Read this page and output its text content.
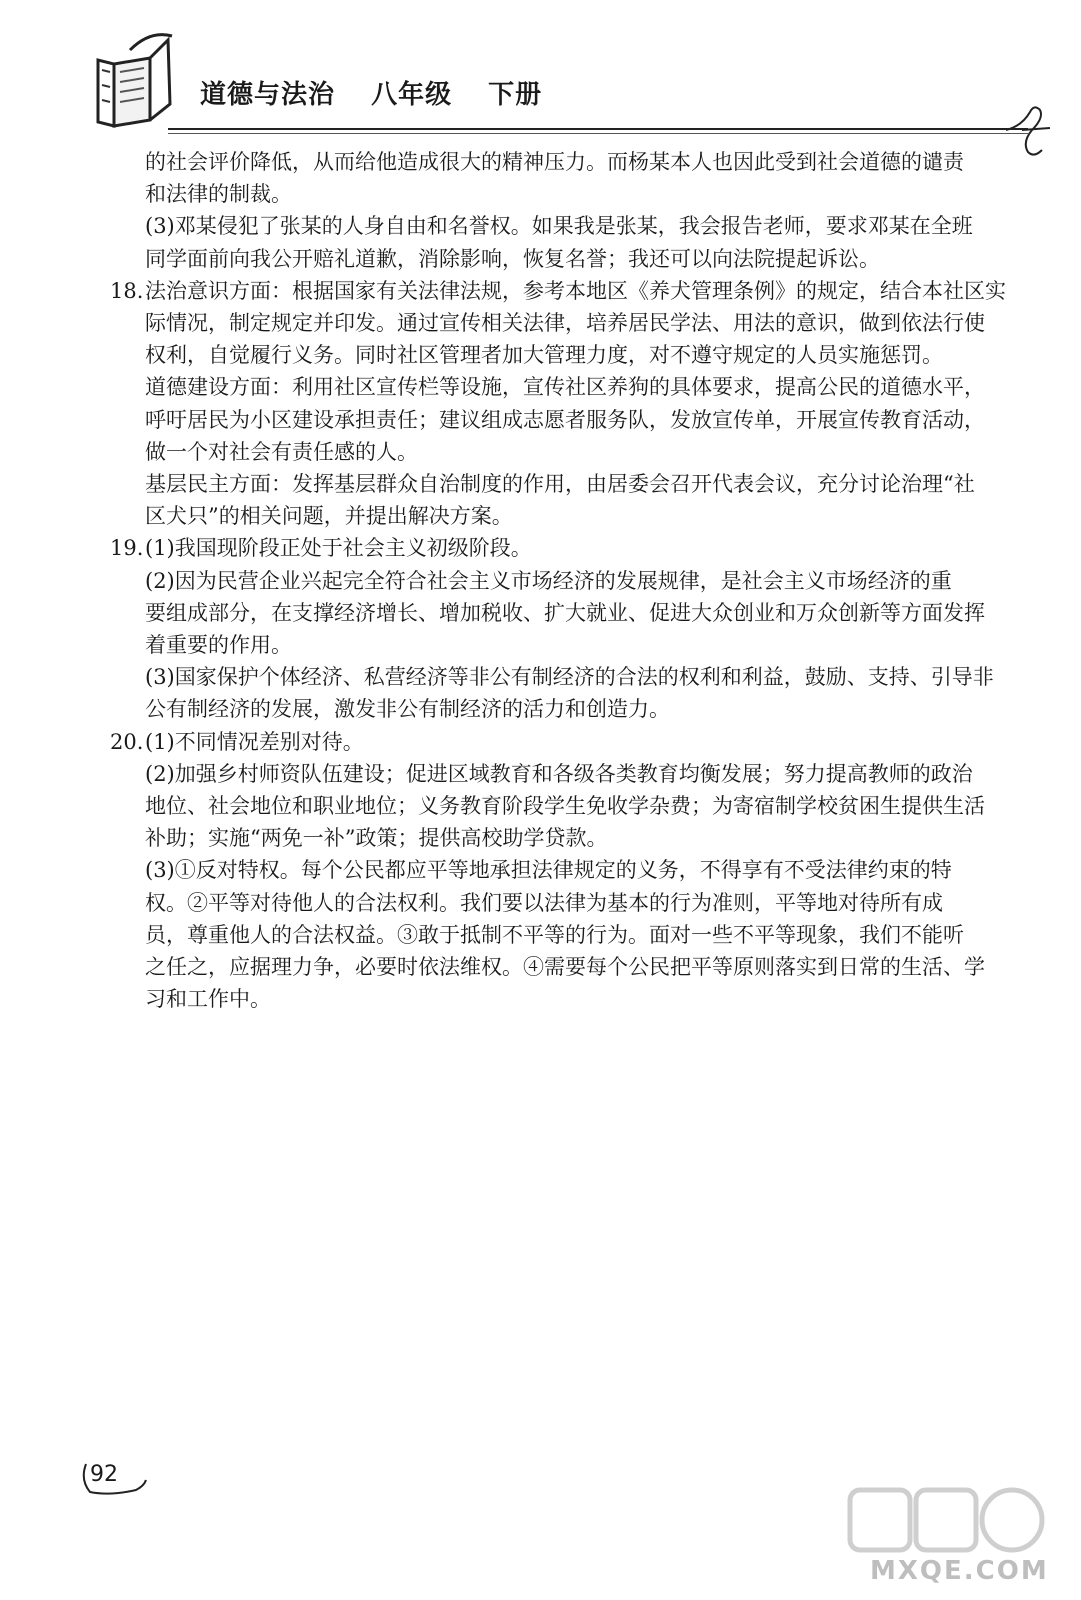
道德与法治 八年级 下册

的社会评价降低，从而给他造成很大的精神压力。而杨某本人也因此受到社会道德的谴责

和法律的制裁。

(3)邓某侵犯了张某的人身自由和名誉权。如果我是张某，我会报告老师，要求邓某在全班

同学面前向我公开赔礼道歉，消除影响，恢复名誉；我还可以向法院提起诉讼。

18. 法治意识方面：根据国家有关法律法规，参考本地区《养犬管理条例》的规定，结合本社区实

际情况，制定规定并印发。通过宣传相关法律，培养居民学法、用法的意识，做到依法行使

权利，自觉履行义务。同时社区管理者加大管理力度，对不遵守规定的人员实施惩罚。

道德建设方面：利用社区宣传栏等设施，宣传社区养狗的具体要求，提高公民的道德水平，

呼吁居民为小区建设承担责任；建议组成志愿者服务队，发放宣传单，开展宣传教育活动，

做一个对社会有责任感的人。

基层民主方面：发挥基层群众自治制度的作用，由居委会召开代表会议，充分讨论治理“社

区犬只”的相关问题，并提出解决方案。

19. (1)我国现阶段正处于社会主义初级阶段。

(2)因为民营企业兴起完全符合社会主义市场经济的发展规律，是社会主义市场经济的重

要组成部分，在支撑经济增长、增加税收、扩大就业、促进大众创业和万众创新等方面发挥

着重要的作用。

(3)国家保护个体经济、私营经济等非公有制经济的合法的权利和利益，鼓励、支持、引导非

公有制经济的发展，激发非公有制经济的活力和创造力。

20. (1)不同情况差别对待。

(2)加强乡村师资队伍建设；促进区域教育和各级各类教育均衡发展；努力提高教师的政治

地位、社会地位和职业地位；义务教育阶段学生免收学杂费；为寄宿制学校贫困生提供生活

补助；实施“两免一补”政策；提供高校助学贷款。

(3)①反对特权。每个公民都应平等地承担法律规定的义务，不得享有不受法律约束的特

权。②平等对待他人的合法权利。我们要以法律为基本的行为准则，平等地对待所有成

员，尊重他人的合法权益。③敢于抵制不平等的行为。面对一些不平等现象，我们不能听

之任之，应据理力争，必要时依法维权。④需要每个公民把平等原则落实到日常的生活、学

习和工作中。

92
MXQE.COM
